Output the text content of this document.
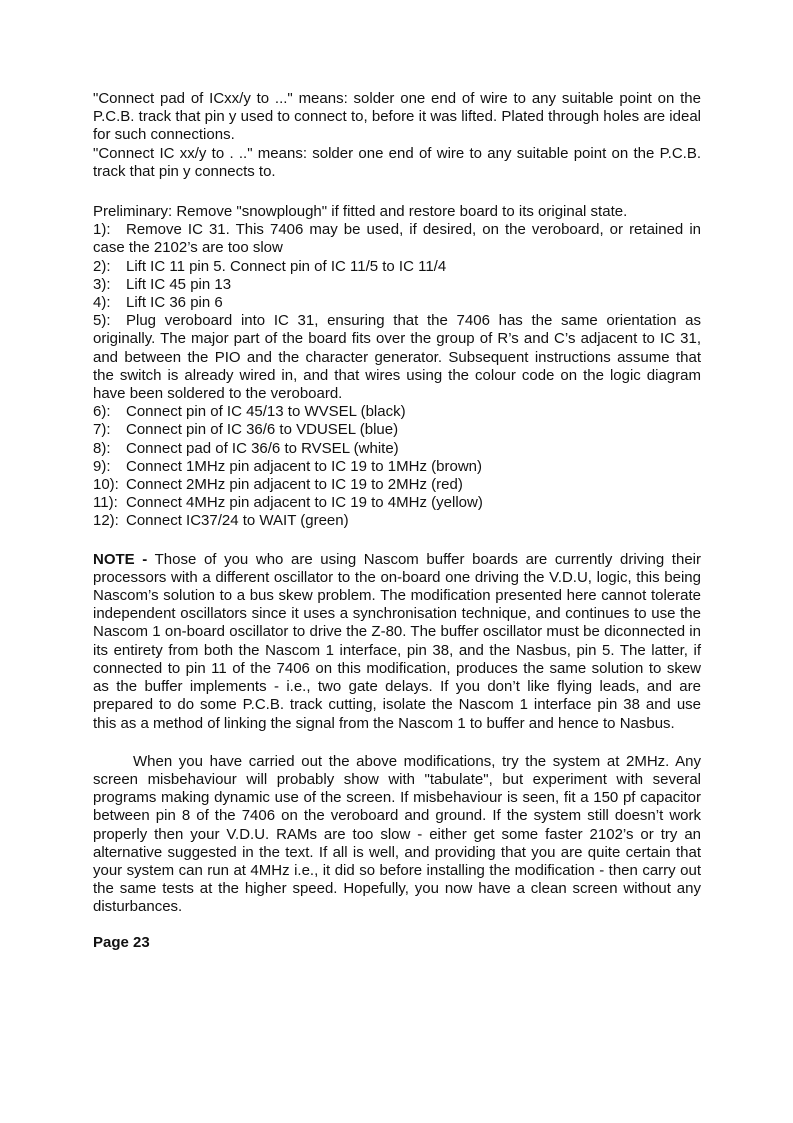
"Connect pad of ICxx/y to ..." means: solder one end of wire to any suitable point on the P.C.B. track that pin y used to connect to, before it was lifted. Plated through holes are ideal for such connections.

"Connect IC xx/y to . .." means: solder one end of wire to any suitable point on the P.C.B. track that pin y connects to.

Preliminary: Remove "snowplough" if fitted and restore board to its original state.

1): Remove IC 31. This 7406 may be used, if desired, on the veroboard, or retained in case the 2102’s are too slow

2): Lift IC 11 pin 5. Connect pin of IC 11/5 to IC 11/4

3): Lift IC 45 pin 13

4): Lift IC 36 pin 6

5): Plug veroboard into IC 31, ensuring that the 7406 has the same orientation as originally. The major part of the board fits over the group of R’s and C’s adjacent to IC 31, and between the PIO and the character generator. Subsequent instructions assume that the switch is already wired in, and that wires using the colour code on the logic diagram have been soldered to the veroboard.

6): Connect pin of IC 45/13 to WVSEL (black)

7): Connect pin of IC 36/6 to VDUSEL (blue)

8): Connect pad of IC 36/6 to RVSEL (white)

9): Connect 1MHz pin adjacent to IC 19 to 1MHz (brown)

10): Connect 2MHz pin adjacent to IC 19 to 2MHz (red)

11): Connect 4MHz pin adjacent to IC 19 to 4MHz (yellow)

12): Connect IC37/24 to WAIT (green)

NOTE - Those of you who are using Nascom buffer boards are currently driving their processors with a different oscillator to the on-board one driving the V.D.U, logic, this being Nascom’s solution to a bus skew problem. The modification presented here cannot tolerate independent oscillators since it uses a synchronisation technique, and continues to use the Nascom 1 on-board oscillator to drive the Z-80. The buffer oscillator must be diconnected in its entirety from both the Nascom 1 interface, pin 38, and the Nasbus, pin 5. The latter, if connected to pin 11 of the 7406 on this modification, produces the same solution to skew as the buffer implements - i.e., two gate delays. If you don’t like flying leads, and are prepared to do some P.C.B. track cutting, isolate the Nascom 1 interface pin 38 and use this as a method of linking the signal from the Nascom 1 to buffer and hence to Nasbus.

When you have carried out the above modifications, try the system at 2MHz. Any screen misbehaviour will probably show with "tabulate", but experiment with several programs making dynamic use of the screen. If misbehaviour is seen, fit a 150 pf capacitor between pin 8 of the 7406 on the veroboard and ground. If the system still doesn’t work properly then your V.D.U. RAMs are too slow - either get some faster 2102’s or try an alternative suggested in the text. If all is well, and providing that you are quite certain that your system can run at 4MHz i.e., it did so before installing the modification - then carry out the same tests at the higher speed. Hopefully, you now have a clean screen without any disturbances.

Page 23
